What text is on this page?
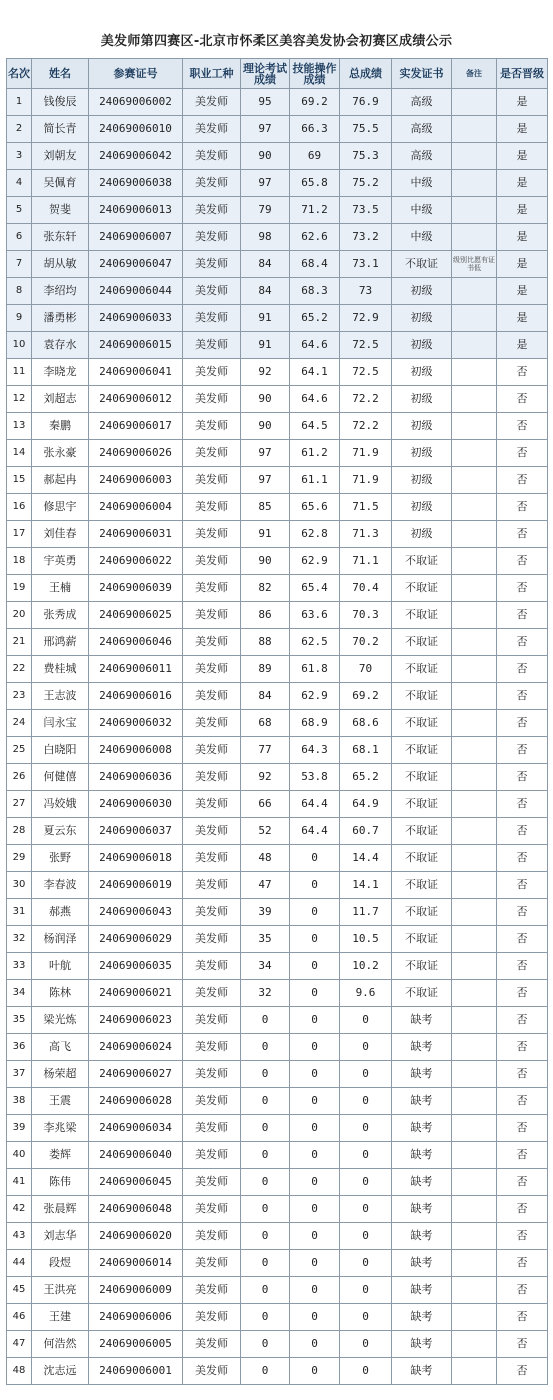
美发师第四赛区-北京市怀柔区美容美发协会初赛区成绩公示
名次	姓名	参赛证号	职业工种	理论考试成绩	技能操作成绩	总成绩	实发证书	备注	是否晋级
1	钱俊辰	24069006002	美发师	95	69.2	76.9	高级		是
2	简长青	24069006010	美发师	97	66.3	75.5	高级		是
3	刘朝友	24069006042	美发师	90	69	75.3	高级		是
4	吴佩育	24069006038	美发师	97	65.8	75.2	中级		是
5	贺斐	24069006013	美发师	79	71.2	73.5	中级		是
6	张东轩	24069006007	美发师	98	62.6	73.2	中级		是
7	胡从敏	24069006047	美发师	84	68.4	73.1	不取证	级别比愿有证书低	是
8	李绍均	24069006044	美发师	84	68.3	73	初级		是
9	潘勇彬	24069006033	美发师	91	65.2	72.9	初级		是
10	袁存水	24069006015	美发师	91	64.6	72.5	初级		是
11	李晓龙	24069006041	美发师	92	64.1	72.5	初级		否
12	刘超志	24069006012	美发师	90	64.6	72.2	初级		否
13	秦鹏	24069006017	美发师	90	64.5	72.2	初级		否
14	张永豪	24069006026	美发师	97	61.2	71.9	初级		否
15	郝起冉	24069006003	美发师	97	61.1	71.9	初级		否
16	修思宇	24069006004	美发师	85	65.6	71.5	初级		否
17	刘佳春	24069006031	美发师	91	62.8	71.3	初级		否
18	宇英勇	24069006022	美发师	90	62.9	71.1	不取证		否
19	王楠	24069006039	美发师	82	65.4	70.4	不取证		否
20	张秀成	24069006025	美发师	86	63.6	70.3	不取证		否
21	邢鸿薪	24069006046	美发师	88	62.5	70.2	不取证		否
22	费桂城	24069006011	美发师	89	61.8	70	不取证		否
23	王志波	24069006016	美发师	84	62.9	69.2	不取证		否
24	闫永宝	24069006032	美发师	68	68.9	68.6	不取证		否
25	白晓阳	24069006008	美发师	77	64.3	68.1	不取证		否
26	何健僖	24069006036	美发师	92	53.8	65.2	不取证		否
27	冯姣娥	24069006030	美发师	66	64.4	64.9	不取证		否
28	夏云东	24069006037	美发师	52	64.4	60.7	不取证		否
29	张野	24069006018	美发师	48	0	14.4	不取证		否
30	李春波	24069006019	美发师	47	0	14.1	不取证		否
31	郝燕	24069006043	美发师	39	0	11.7	不取证		否
32	杨润泽	24069006029	美发师	35	0	10.5	不取证		否
33	叶航	24069006035	美发师	34	0	10.2	不取证		否
34	陈林	24069006021	美发师	32	0	9.6	不取证		否
35	梁光炼	24069006023	美发师	0	0	0	缺考		否
36	高飞	24069006024	美发师	0	0	0	缺考		否
37	杨荣超	24069006027	美发师	0	0	0	缺考		否
38	王震	24069006028	美发师	0	0	0	缺考		否
39	李兆梁	24069006034	美发师	0	0	0	缺考		否
40	娄辉	24069006040	美发师	0	0	0	缺考		否
41	陈伟	24069006045	美发师	0	0	0	缺考		否
42	张晨辉	24069006048	美发师	0	0	0	缺考		否
43	刘志华	24069006020	美发师	0	0	0	缺考		否
44	段煜	24069006014	美发师	0	0	0	缺考		否
45	王洪亮	24069006009	美发师	0	0	0	缺考		否
46	王建	24069006006	美发师	0	0	0	缺考		否
47	何浩然	24069006005	美发师	0	0	0	缺考		否
48	沈志远	24069006001	美发师	0	0	0	缺考		否
